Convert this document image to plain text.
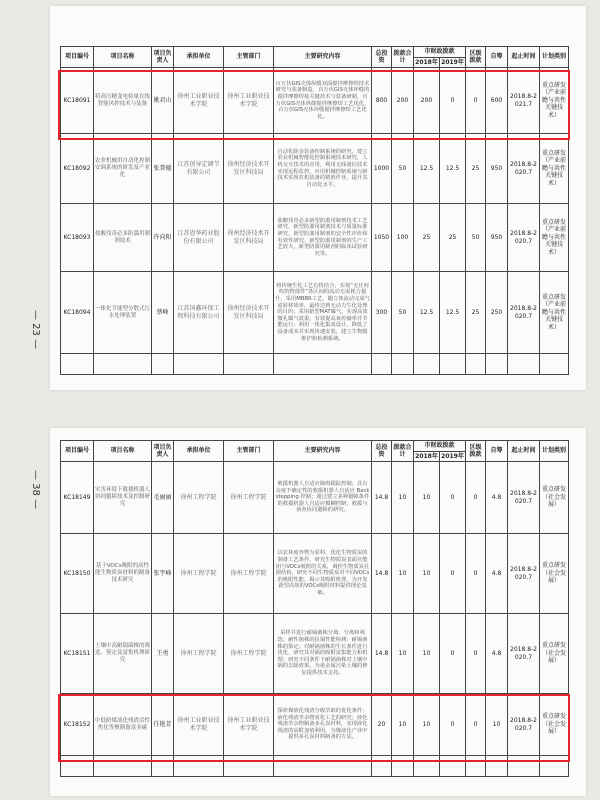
项目编号	项目名称	项目负责人	承担单位	主管部门	主要研究内容	总投资	拨款合计	市财政拨款		区级拨款	自筹	起止时间	计划类别
								2018年	2019年				
KC18091	特高压精变电检量在线智能风控技术与装备	姚君山	徐州工业职业技术学院	徐州工业职业技术学院	百万伏GIS壳体纵缝双面搅拌摩擦焊技术研究与装备制造，百万伏GIS壳体环缝的搅拌摩擦焊接关键技术与装备研制，百万伏GIS壳体纵缝搅拌摩擦焊工艺优化，百万伏GIS壳体环缝搅拌摩擦焊工艺优化。	800	200	200	0	0	600	2018.8-2021.7	重点研发（产业前瞻与共性关键技术）
KC18092	农业机械用自动化控制安调系统的研发及产业化	张普德	江苏创导定调节有限公司	徐州经济技术开发区科技局	自动化除金装备控制系统的研究，建立农业机械智能化控制系统技术研究，人机交互技术的应用，利用无线通信技术实现远程监控，应用机械控制系统与新技术实现农机装备的精准作业，提升其自动化水平。	1000	50	12.5	12.5	25	950	2018.8-2020.7	重点研发（产业前瞻与共性关键技术）
KC18093	盐酸伐奇必多防滥用制剂技术	许向阳	江苏恩华药业股份有限公司	徐州经济技术开发区科技局	盐酸伐奇必多新型防滥用制剂技术工艺研究，新型防滥用制剂技术与质量标准研究，新型防滥用制剂的安全性评价和有效性研究，新型防滥用制剂的生产工艺放大，新型防滥用制剂的临床试验研究等。	1050	100	25	25	50	950	2018.8-2020.7	重点研发（产业前瞻与共性关键技术）
KC18094	一体化节能型分散式污水处理装置	蔡峰	江苏国鑫环保工程科技有限公司	徐州经济技术开发区科技局	将传统生化工艺有机结合，实现“无任何构筑物部件”各区间的流动无需耗力提升，采用MBBR工艺，随立体流动完成气流转移效率，最终达到无动力生化处理的目的；采用新型MAT曝气，实现高效微孔曝气效果，有效提高氧传输率并节能运行；利用一体化集成设计，降低了设备成本并实现快速安装，建立生物膜维护和检测系统。	300	50	12.5	12.5	25	250	2018.8-2020.7	重点研发（产业前瞻与共性关键技术）

— 23 —
项目编号	项目名称	项目负责人	承担单位	主管部门	主要研究内容	总投资	拨款合计	市财政拨款		区级拨款	自筹	起止时间	计划类别
								2018年	2019年				
KC18149	灾害环境下救援机器人协同避障技术及控制研究	毛丽丽	徐州工程学院	徐州工程学院	救援机器人自适应障碍跟踪控制；具有余度不确定性的救援机器人自适应 Backstepping 控制；通过建立多种避障条件的救援机器人自适应模糊控制；救援与侦查协同避障的研究。	14.8	10	10	0	0	4.8	2018.8-2020.7	重点研发（社会发展）
KC18150	基于VOCs吸附的高性能生物质炭材料的制备技术研究	张宇峰	徐州工程学院	徐州工程学院	以农林废弃物为原料，优化生物质炭的制备工艺条件，研究生物质炭表面官能团与VOCs吸附的关系，调控生物质炭孔隙结构，研究不同生物质炭对不同VOCs的吸附性能，揭示其吸附机理，为开发新型高效的VOCs吸附材料提供理论基础。	14.8	10	10	0	0	4.8	2018.8-2020.7	重点研发（社会发展）
KC18151	土壤中高耐镉菌株的筛选、鉴定及富集机理研究	王勇	徐州工程学院	徐州工程学院	采样并进行耐镉菌株分离、分离和筛选；耐性菌株的抗镉性能检测；耐镉菌株的鉴定；对耐镉菌株的生长条件进行优化，研究其对镉的吸附富集能力和机理；研究不同条件下耐镉菌株对土壤中镉的去除效果，为重金属污染土壤的修复提供技术支持。	14.8	10	10	0	0	4.8	2018.8-2020.7	重点研发（社会发展）
KC18152	中低阶煤液化残渣活性焦化等聚制备富多碳	任艳芳	徐州工业职业技术学院	徐州工业职业技术学院	探索煤液化残渣分级萃取的优化条件；液化残渣萃余物炭化工艺的研究；液化残渣萃余物制备多孔炭材料，实现液化残渣的高附加值利用，为煤液化产业中提供多孔炭材料制备的方法。	20	10	10	0	0	10	2018.8-2020.7	重点研发（社会发展）

— 38 —
